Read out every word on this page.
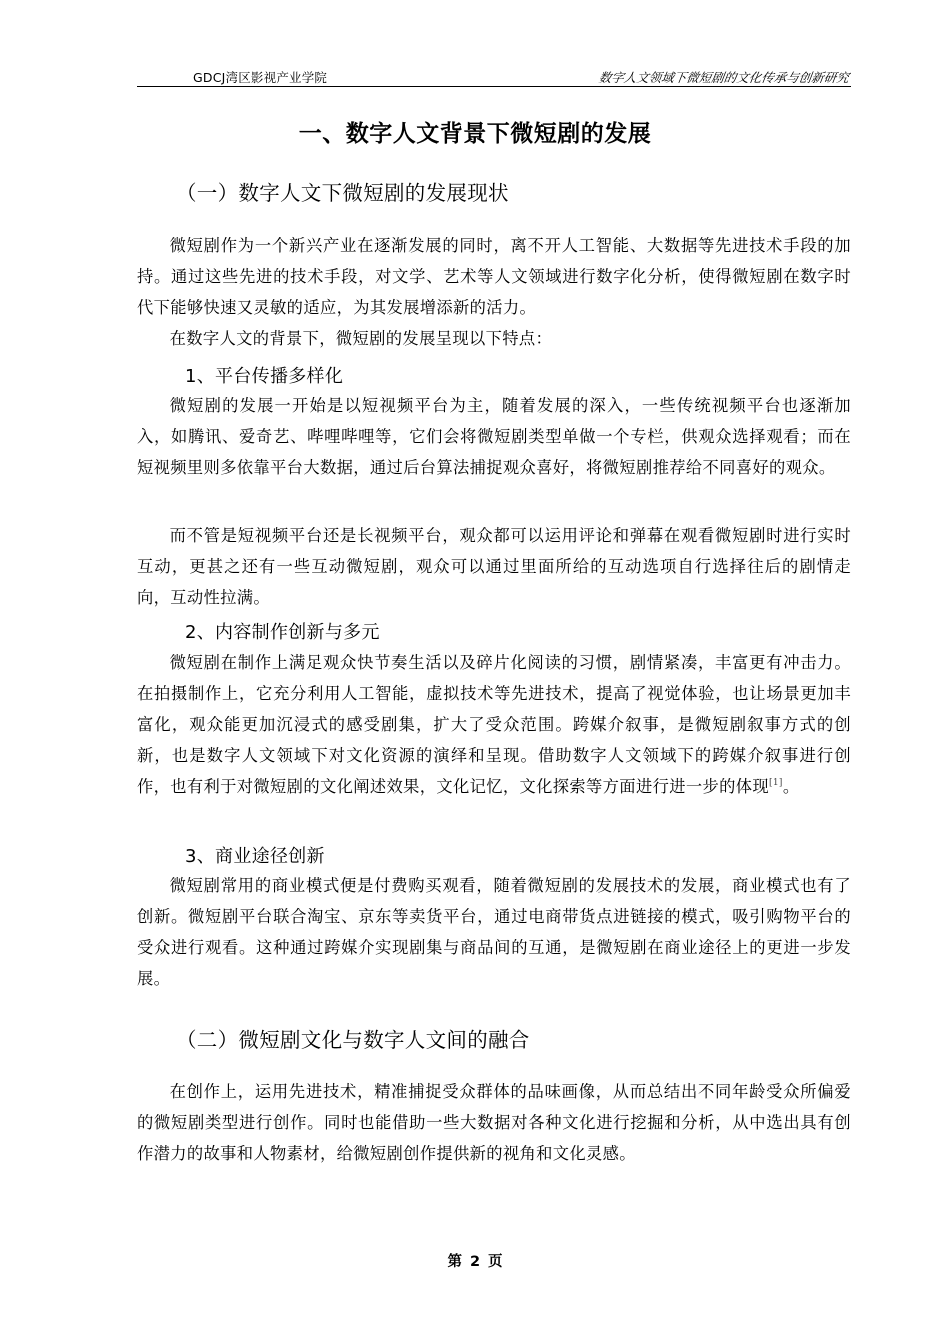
GDCJ湾区影视产业学院	数字人文领域下微短剧的文化传承与创新研究
一、数字人文背景下微短剧的发展
（一）数字人文下微短剧的发展现状
微短剧作为一个新兴产业在逐渐发展的同时，离不开人工智能、大数据等先进技术手段的加持。通过这些先进的技术手段，对文学、艺术等人文领域进行数字化分析，使得微短剧在数字时代下能够快速又灵敏的适应，为其发展增添新的活力。
在数字人文的背景下，微短剧的发展呈现以下特点：
1、平台传播多样化
微短剧的发展一开始是以短视频平台为主，随着发展的深入，一些传统视频平台也逐渐加入，如腾讯、爱奇艺、哔哩哔哩等，它们会将微短剧类型单做一个专栏，供观众选择观看；而在短视频里则多依靠平台大数据，通过后台算法捕捉观众喜好，将微短剧推荐给不同喜好的观众。
而不管是短视频平台还是长视频平台，观众都可以运用评论和弹幕在观看微短剧时进行实时互动，更甚之还有一些互动微短剧，观众可以通过里面所给的互动选项自行选择往后的剧情走向，互动性拉满。
2、内容制作创新与多元
微短剧在制作上满足观众快节奏生活以及碎片化阅读的习惯，剧情紧凑，丰富更有冲击力。在拍摄制作上，它充分利用人工智能，虚拟技术等先进技术，提高了视觉体验，也让场景更加丰富化，观众能更加沉浸式的感受剧集，扩大了受众范围。跨媒介叙事，是微短剧叙事方式的创新，也是数字人文领域下对文化资源的演绎和呈现。借助数字人文领域下的跨媒介叙事进行创作，也有利于对微短剧的文化阐述效果，文化记忆，文化探索等方面进行进一步的体现[1]。
3、商业途径创新
微短剧常用的商业模式便是付费购买观看，随着微短剧的发展技术的发展，商业模式也有了创新。微短剧平台联合淘宝、京东等卖货平台，通过电商带货点进链接的模式，吸引购物平台的受众进行观看。这种通过跨媒介实现剧集与商品间的互通，是微短剧在商业途径上的更进一步发展。
（二）微短剧文化与数字人文间的融合
在创作上，运用先进技术，精准捕捉受众群体的品味画像，从而总结出不同年龄受众所偏爱的微短剧类型进行创作。同时也能借助一些大数据对各种文化进行挖掘和分析，从中选出具有创作潜力的故事和人物素材，给微短剧创作提供新的视角和文化灵感。
第 2 页
